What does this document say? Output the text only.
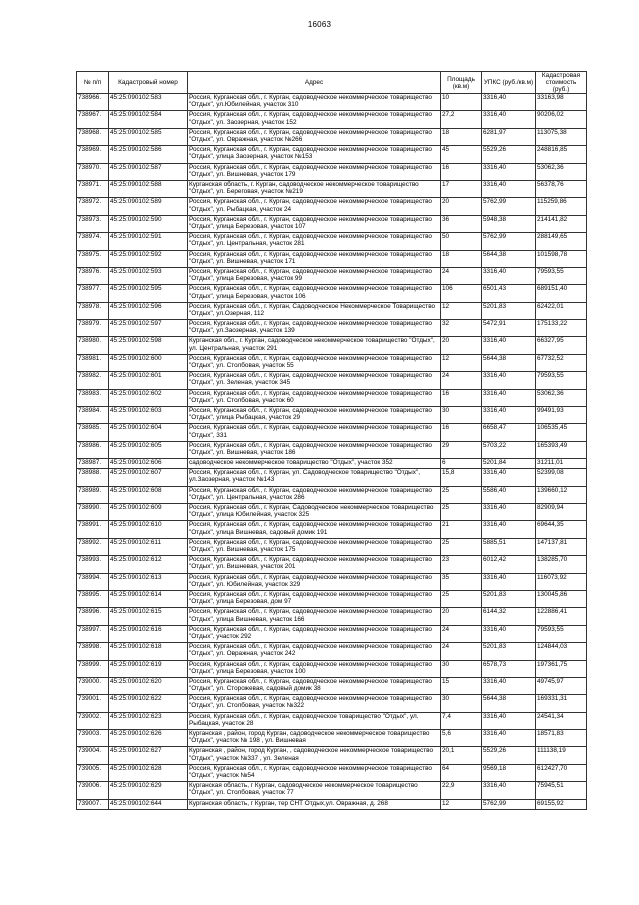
16063
№ п/п	Кадастровый номер	Адрес	Площадь (кв.м)	УПКС (руб./кв.м)	Кадастровая стоимость (руб.)
738966.	45:25:090102:583	Россия, Курганская обл., г. Курган, садоводческое некоммерческое товарищество "Отдых", ул.Юбилейная, участок 310	10	3316,40	33163,98
738967.	45:25:090102:584	Россия, Курганская обл., г. Курган, садоводческое некоммерческое товарищество "Отдых", ул. Заозерная, участок 152	27,2	3316,40	90206,02
738968.	45:25:090102:585	Россия, Курганская обл., г. Курган, садоводческое некоммерческое товарищество "Отдых", ул. Овражная, участок №266	18	6281,97	113075,38
738969.	45:25:090102:586	Россия, Курганская обл., г. Курган, садоводческое некоммерческое товарищество "Отдых", улица Заозерная, участок №153	45	5529,26	248816,85
738970.	45:25:090102:587	Россия, Курганская обл., г. Курган, садоводческое некоммерческое товарищество "Отдых", ул. Вишневая, участок 179	16	3316,40	53062,36
738971.	45:25:090102:588	Курганская область, г. Курган, садоводческое некоммерческое товарищество "Отдых", ул. Береговая, участок №219	17	3316,40	56378,76
738972.	45:25:090102:589	Россия, Курганская обл., г. Курган, садоводческое некоммерческое товарищество "Отдых", ул. Рыбацкая, участок 24	20	5762,99	115259,86
738973.	45:25:090102:590	Россия, Курганская обл., г. Курган, садоводческое некоммерческое товарищество "Отдых", улица Березовая, участок 107	36	5948,38	214141,82
738974.	45:25:090102:591	Россия, Курганская обл., г. Курган, садоводческое некоммерческое товарищество "Отдых", ул. Центральная, участок 281	50	5762,99	288149,65
738975.	45:25:090102:592	Россия, Курганская обл., г. Курган, садоводческое некоммерческое товарищество "Отдых", ул. Вишневая, участок 171	18	5644,38	101598,78
738976.	45:25:090102:593	Россия, Курганская обл., г. Курган, садоводческое некоммерческое товарищество "Отдых", улица Березовая, участок 99	24	3316,40	79593,55
738977.	45:25:090102:595	Россия, Курганская обл., г. Курган, садоводческое некоммерческое товарищество "Отдых", улица Березовая, участок 106	106	6501,43	689151,40
738978.	45:25:090102:596	Россия, Курганская обл., г. Курган, Садоводческое Некоммерческое Товарищество "Отдых", ул.Озерная, 112	12	5201,83	62422,01
738979.	45:25:090102:597	Россия, Курганская обл., г. Курган, садоводческое некоммерческое товарищество "Отдых", ул.Заозерная, участок 139	32	5472,91	175133,22
738980.	45:25:090102:598	Курганская обл., г. Курган, садоводческое некоммерческое товарищество "Отдых", ул. Центральная, участок 291	20	3316,40	66327,95
738981.	45:25:090102:600	Россия, Курганская обл., г. Курган, садоводческое некоммерческое товарищество "Отдых", ул. Столбовая, участок 55	12	5644,38	67732,52
738982.	45:25:090102:601	Россия, Курганская обл., г. Курган, садоводческое некоммерческое товарищество "Отдых", ул. Зеленая, участок 345	24	3316,40	79593,55
738983.	45:25:090102:602	Россия, Курганская обл., г. Курган, садоводческое некоммерческое товарищество "Отдых", ул. Столбовая, участок 60	16	3316,40	53062,36
738984.	45:25:090102:603	Россия, Курганская обл., г. Курган, садоводческое некоммерческое товарищество "Отдых", улица Рыбацкая, участок 29	30	3316,40	99491,93
738985.	45:25:090102:604	Россия, Курганская обл., г. Курган, садоводческое некоммерческое товарищество "Отдых", 331	16	6658,47	106535,45
738986.	45:25:090102:605	Россия, Курганская обл., г. Курган, садоводческое некоммерческое товарищество "Отдых", ул. Вишневая, участок 186	29	5703,22	165393,49
738987.	45:25:090102:606	садоводческое некоммерческое товарищество "Отдых", участок 352	6	5201,84	31211,01
738988.	45:25:090102:607	Россия, Курганская обл., г. Курган, ул. Садоводческое товарищество "Отдых", ул.Заозерная, участок №143	15,8	3316,40	52399,08
738989.	45:25:090102:608	Россия, Курганская обл., г. Курган, садоводческое некоммерческое товарищество "Отдых", ул. Центральная, участок 286	25	5586,40	139660,12
738990.	45:25:090102:609	Россия, Курганская обл., г. Курган, Садоводческое некоммерческое товарищество "Отдых", улица Юбилейная, участок 325	25	3316,40	82909,94
738991.	45:25:090102:610	Россия, Курганская обл., г. Курган, садоводческое некоммерческое товарищество "Отдых", улица Вишневая, садовый домик 191	21	3316,40	69644,35
738992.	45:25:090102:611	Россия, Курганская обл., г. Курган, садоводческое некоммерческое товарищество "Отдых", ул. Вишневая, участок 175	25	5885,51	147137,81
738993.	45:25:090102:612	Россия, Курганская обл., г. Курган, садоводческое некоммерческое товарищество "Отдых", ул. Вишневая, участок 201	23	6012,42	138285,70
738994.	45:25:090102:613	Россия, Курганская обл., г. Курган, садоводческое некоммерческое товарищество "Отдых", ул. Юбилейная, участок 329	35	3316,40	116073,92
738995.	45:25:090102:614	Россия, Курганская обл., г. Курган, садоводческое некоммерческое товарищество "Отдых", улица Березовая, дом 97	25	5201,83	130045,86
738996.	45:25:090102:615	Россия, Курганская обл., г. Курган, садоводческое некоммерческое товарищество "Отдых", улица Вишневая, участок 166	20	6144,32	122886,41
738997.	45:25:090102:616	Россия, Курганская обл., г. Курган, садоводческое некоммерческое товарищество "Отдых", участок 292	24	3316,40	79593,55
738998.	45:25:090102:618	Россия, Курганская обл., г. Курган, садоводческое некоммерческое товарищество "Отдых", ул. Овражная, участок 242	24	5201,83	124844,03
738999.	45:25:090102:619	Россия, Курганская обл., г. Курган, садоводческое некоммерческое товарищество "Отдых", улица Березовая, участок 100	30	6578,73	197361,75
739000.	45:25:090102:620	Россия, Курганская обл., г. Курган, садоводческое некоммерческое товарищество "Отдых", ул. Сторожевая, садовый домик 38	15	3316,40	49745,97
739001.	45:25:090102:622	Россия, Курганская обл., г. Курган, садоводческое некоммерческое товарищество "Отдых", ул. Столбовая, участок №322	30	5644,38	169331,31
739002.	45:25:090102:623	Россия, Курганская обл., г. Курган, садоводческое товарищество "Отдых", ул. Рыбацкая, участок 28	7,4	3316,40	24541,34
739003.	45:25:090102:626	Курганская , район, город Курган, садоводческое некоммерческое товарищество "Отдых", участок № 198 , ул. Вишневая	5,6	3316,40	18571,83
739004.	45:25:090102:627	Курганская , район, город Курган, , садоводческое некоммерческое товарищество "Отдых", участок №337 , ул. Зеленая	20,1	5529,26	111138,19
739005.	45:25:090102:628	Россия, Курганская обл., г. Курган, садоводческое некоммерческое товарищество "Отдых", участок №54	64	9569,18	612427,70
739006.	45:25:090102:629	Курганская область, г Курган, садоводческое некоммерческое товарищество "Отдых", ул. Столбовая, участок 77	22,9	3316,40	75945,51
739007.	45:25:090102:644	Курганская область, г Курган, тер СНТ Отдых,ул. Овражная, д. 268	12	5762,99	69155,92
